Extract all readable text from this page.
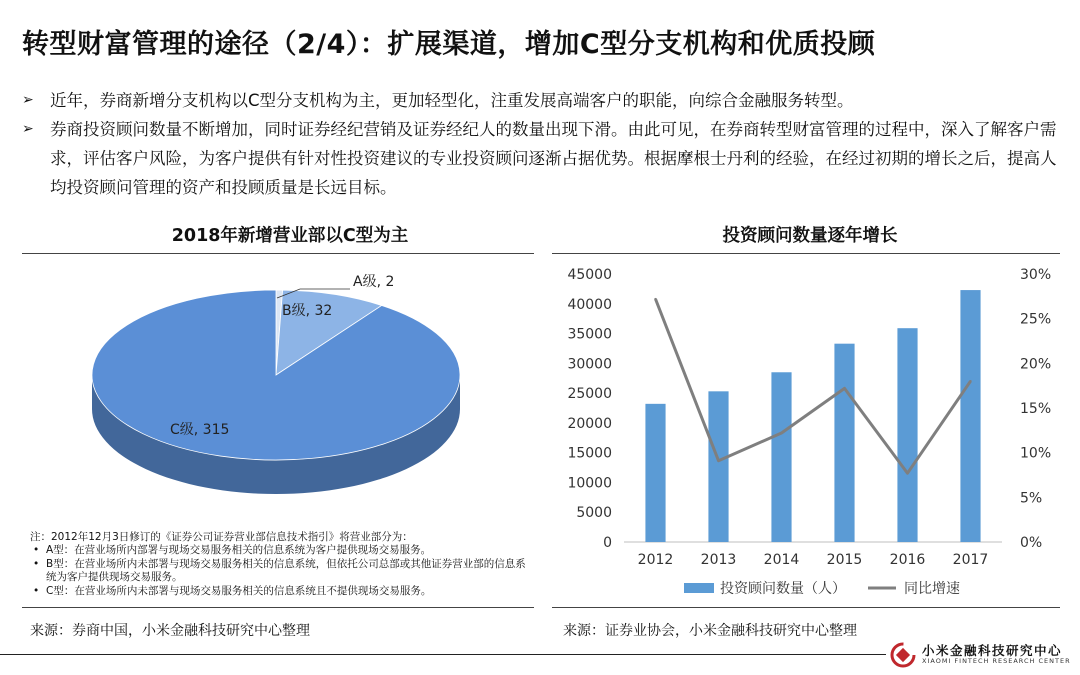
转型财富管理的途径（2/4）：扩展渠道，增加C型分支机构和优质投顾
➢ 近年，券商新增分支机构以C型分支机构为主，更加轻型化，注重发展高端客户的职能，向综合金融服务转型。
➢ 券商投资顾问数量不断增加，同时证券经纪营销及证券经纪人的数量出现下滑。由此可见，在券商转型财富管理的过程中，深入了解客户需求，评估客户风险，为客户提供有针对性投资建议的专业投资顾问逐渐占据优势。根据摩根士丹利的经验，在经过初期的增长之后，提高人均投资顾问管理的资产和投顾质量是长远目标。
2018年新增营业部以C型为主	投资顾问数量逐年增长
C级, 315
A级, 2
B级, 32
0
5000
10000
15000
20000
25000
30000
35000
40000
45000
0%
5%
10%
15%
20%
25%
30%
2012 2013 2014 2015 2016 2017
投资顾问数量（人）	同比增速
注：2012年12月3日修订的《证券公司证券营业部信息技术指引》将营业部分为：
• A型：在营业场所内部署与现场交易服务相关的信息系统为客户提供现场交易服务。
• B型：在营业场所内未部署与现场交易服务相关的信息系统，但依托公司总部或其他证券营业部的信息系统为客户提供现场交易服务。
• C型：在营业场所内未部署与现场交易服务相关的信息系统且不提供现场交易服务。
来源：券商中国，小米金融科技研究中心整理	来源：证券业协会，小米金融科技研究中心整理
小米金融科技研究中心
XIAOMI FINTECH RESEARCH CENTER
